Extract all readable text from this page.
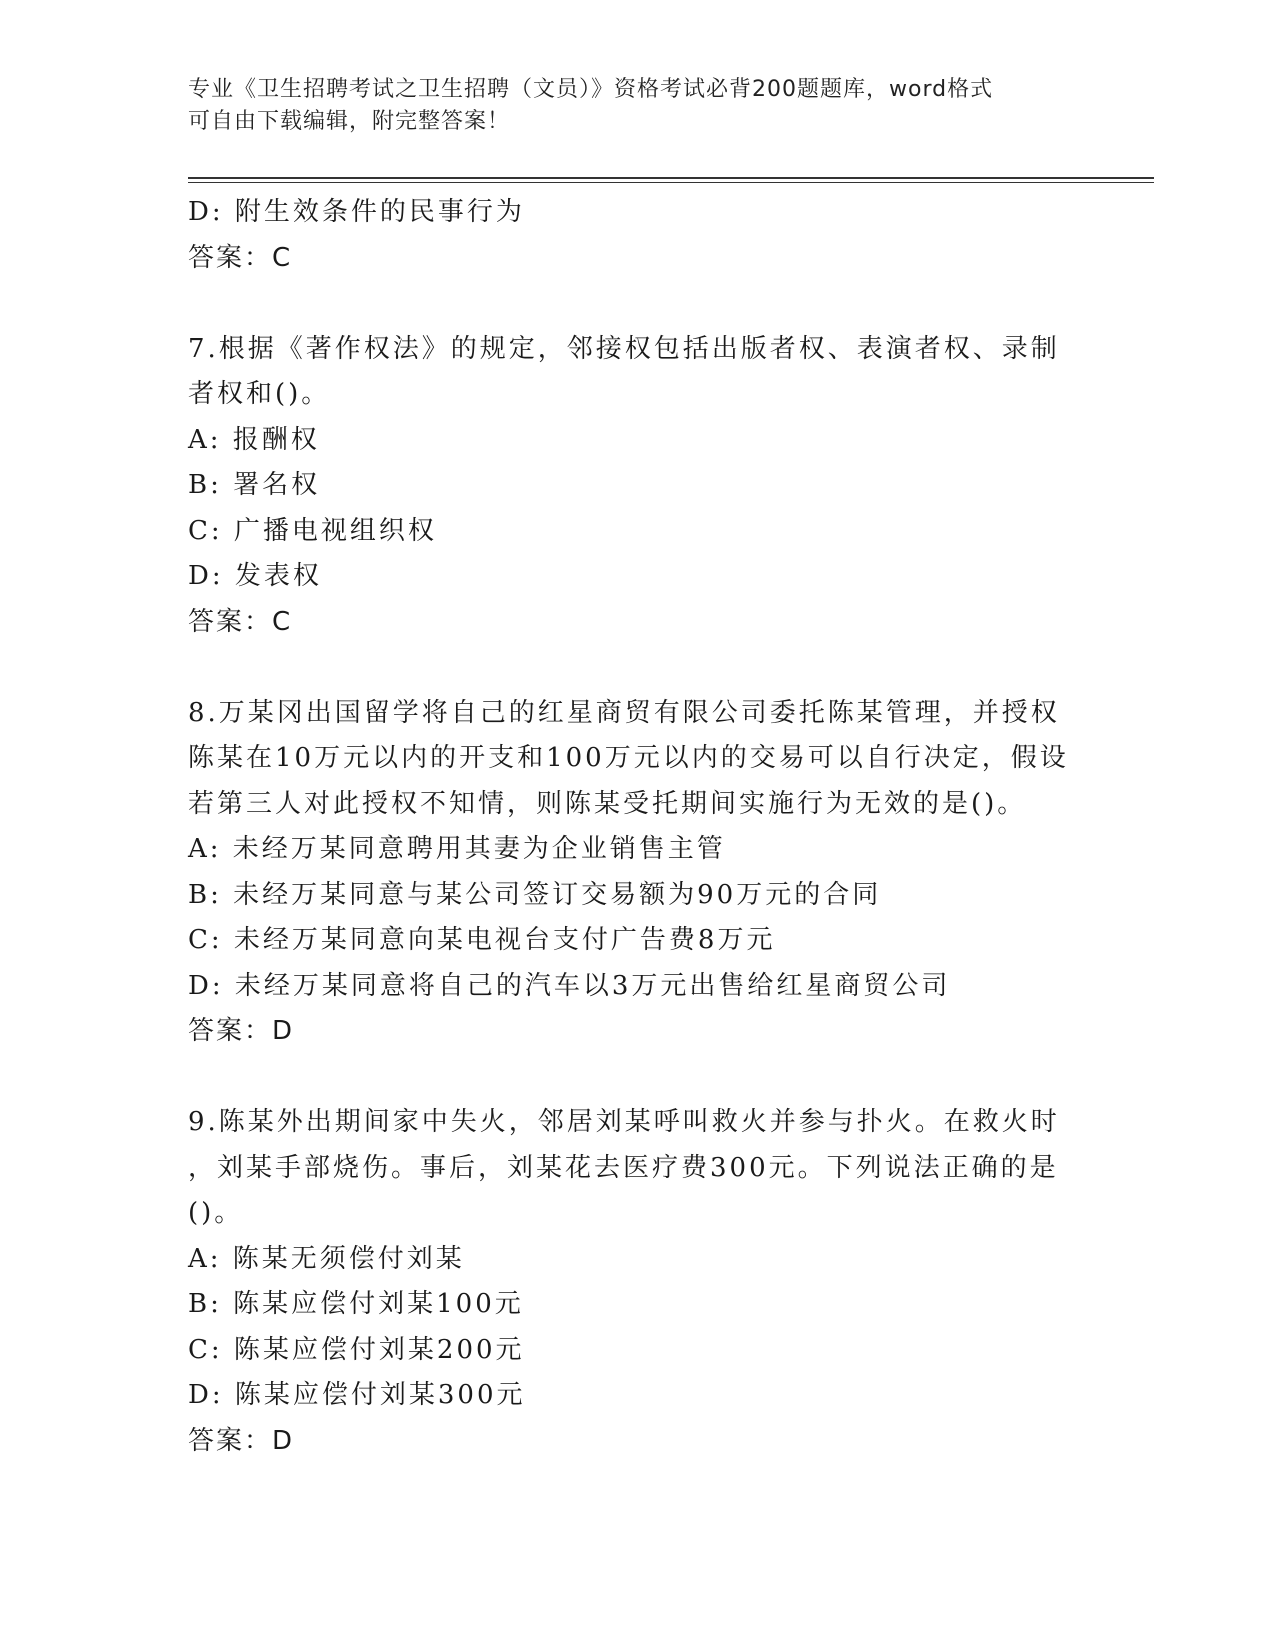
专业《卫生招聘考试之卫生招聘（文员）》资格考试必背200题题库，word格式
可自由下载编辑，附完整答案！
D: 附生效条件的民事行为
答案：C
7.根据《著作权法》的规定，邻接权包括出版者权、表演者权、录制
者权和()。
A: 报酬权
B: 署名权
C: 广播电视组织权
D: 发表权
答案：C
8.万某冈出国留学将自己的红星商贸有限公司委托陈某管理，并授权
陈某在10万元以内的开支和100万元以内的交易可以自行决定，假设
若第三人对此授权不知情，则陈某受托期间实施行为无效的是()。
A: 未经万某同意聘用其妻为企业销售主管
B: 未经万某同意与某公司签订交易额为90万元的合同
C: 未经万某同意向某电视台支付广告费8万元
D: 未经万某同意将自己的汽车以3万元出售给红星商贸公司
答案：D
9.陈某外出期间家中失火，邻居刘某呼叫救火并参与扑火。在救火时
，刘某手部烧伤。事后，刘某花去医疗费300元。下列说法正确的是
()。
A: 陈某无须偿付刘某
B: 陈某应偿付刘某100元
C: 陈某应偿付刘某200元
D: 陈某应偿付刘某300元
答案：D
